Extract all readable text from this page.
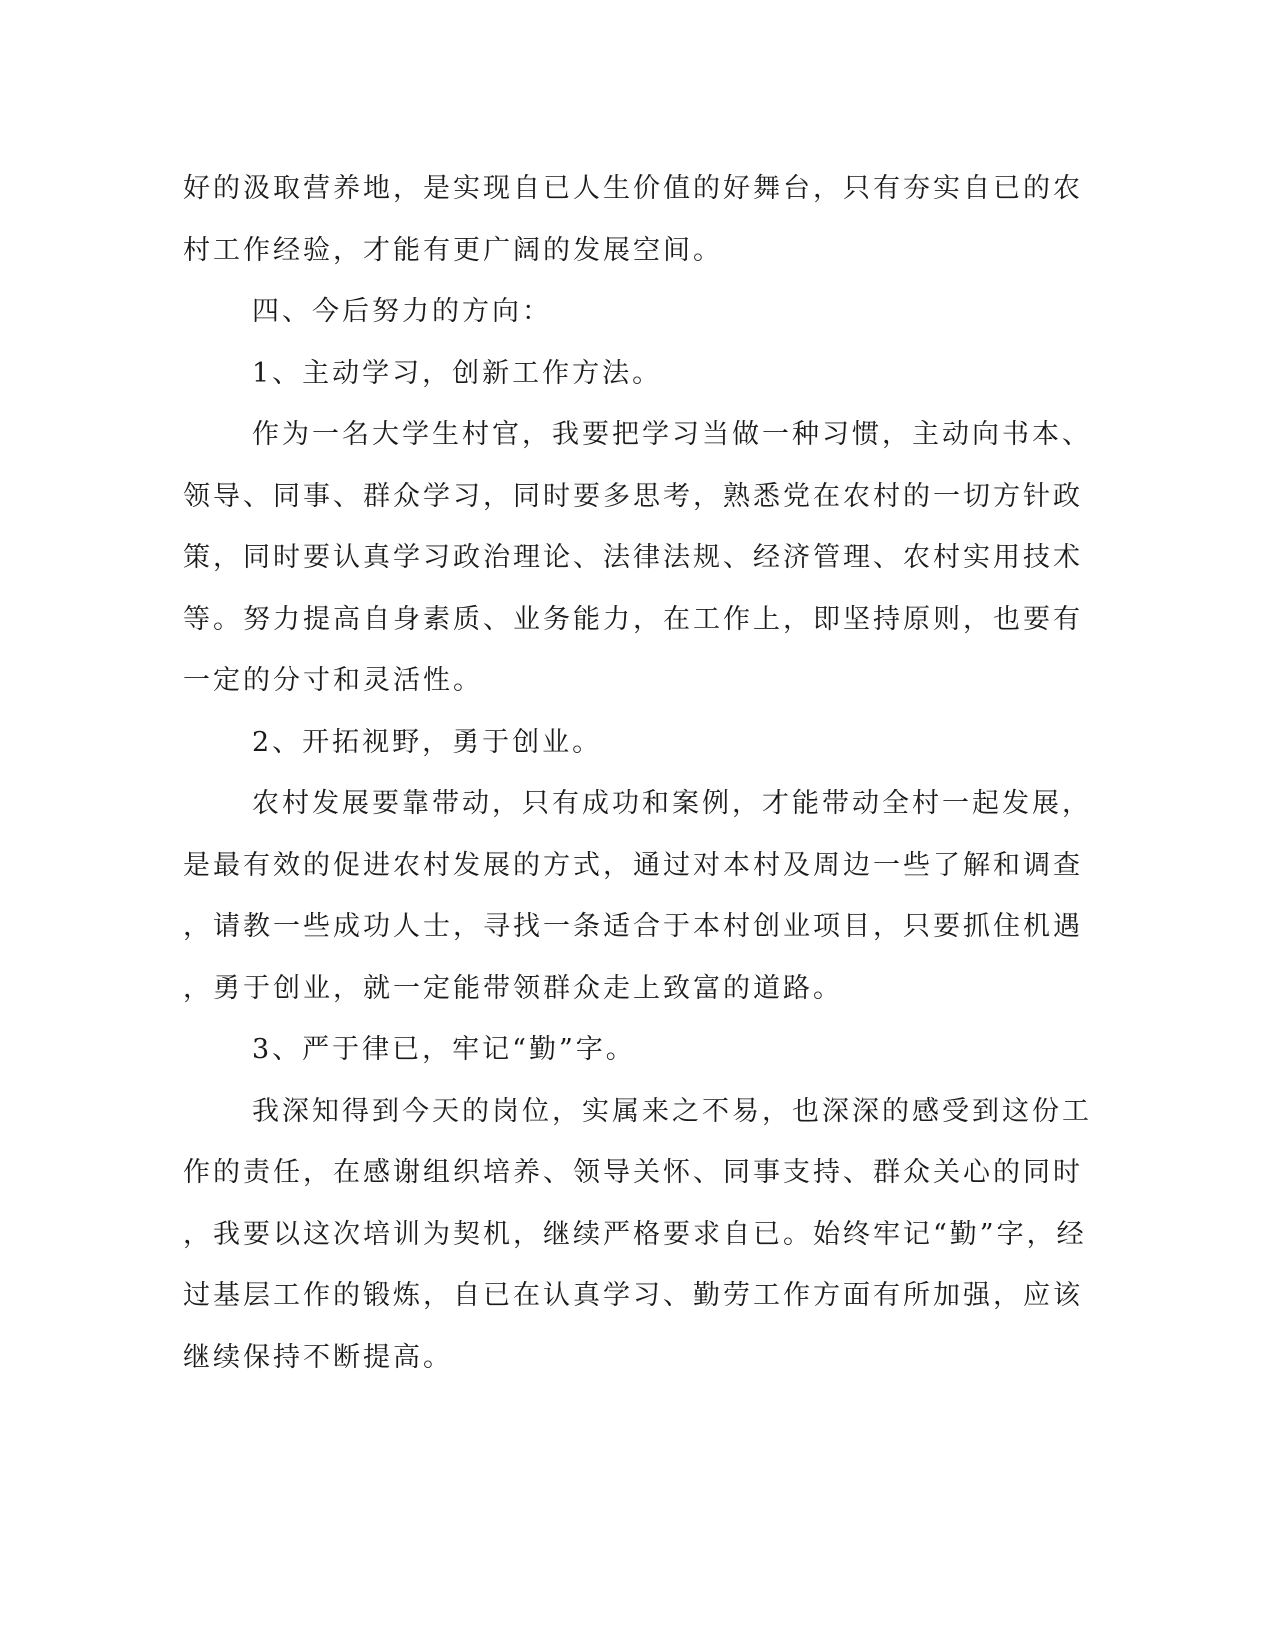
好的汲取营养地，是实现自已人生价值的好舞台，只有夯实自已的农
村工作经验，才能有更广阔的发展空间。
四、今后努力的方向：
1、主动学习，创新工作方法。
作为一名大学生村官，我要把学习当做一种习惯，主动向书本、
领导、同事、群众学习，同时要多思考，熟悉党在农村的一切方针政
策，同时要认真学习政治理论、法律法规、经济管理、农村实用技术
等。努力提高自身素质、业务能力，在工作上，即坚持原则，也要有
一定的分寸和灵活性。
2、开拓视野，勇于创业。
农村发展要靠带动，只有成功和案例，才能带动全村一起发展，
是最有效的促进农村发展的方式，通过对本村及周边一些了解和调查
，请教一些成功人士，寻找一条适合于本村创业项目，只要抓住机遇
，勇于创业，就一定能带领群众走上致富的道路。
3、严于律已，牢记“勤”字。
我深知得到今天的岗位，实属来之不易，也深深的感受到这份工
作的责任，在感谢组织培养、领导关怀、同事支持、群众关心的同时
，我要以这次培训为契机，继续严格要求自已。始终牢记“勤”字，经
过基层工作的锻炼，自已在认真学习、勤劳工作方面有所加强，应该
继续保持不断提高。
